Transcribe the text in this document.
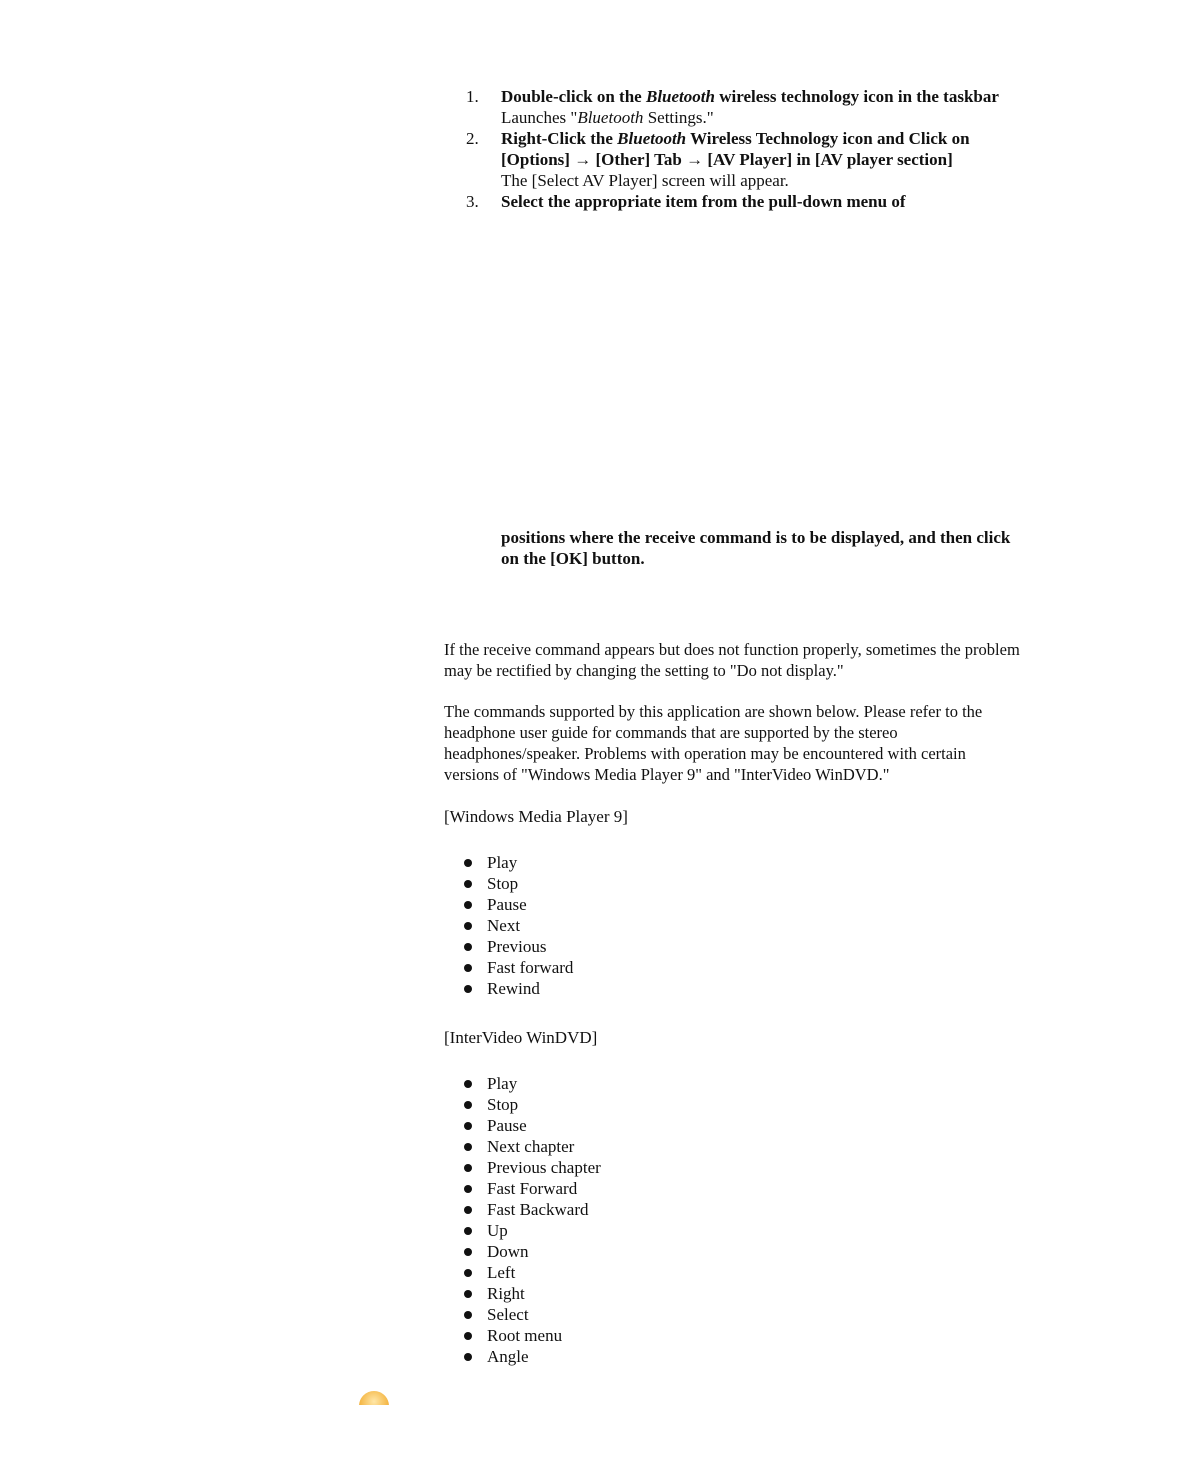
1.	Double-click on the Bluetooth wireless technology icon in the taskbar
Launches "Bluetooth Settings."
2.	Right-Click the Bluetooth Wireless Technology icon and Click on [Options] → [Other] Tab → [AV Player] in [AV player section]
The [Select AV Player] screen will appear.
3.	Select the appropriate item from the pull-down menu of
positions where the receive command is to be displayed, and then click on the [OK] button.

If the receive command appears but does not function properly, sometimes the problem may be rectified by changing the setting to "Do not display."

The commands supported by this application are shown below. Please refer to the headphone user guide for commands that are supported by the stereo headphones/speaker. Problems with operation may be encountered with certain versions of "Windows Media Player 9" and "InterVideo WinDVD."

[Windows Media Player 9]
Play
Stop
Pause
Next
Previous
Fast forward
Rewind
[InterVideo WinDVD]
Play
Stop
Pause
Next chapter
Previous chapter
Fast Forward
Fast Backward
Up
Down
Left
Right
Select
Root menu
Angle
